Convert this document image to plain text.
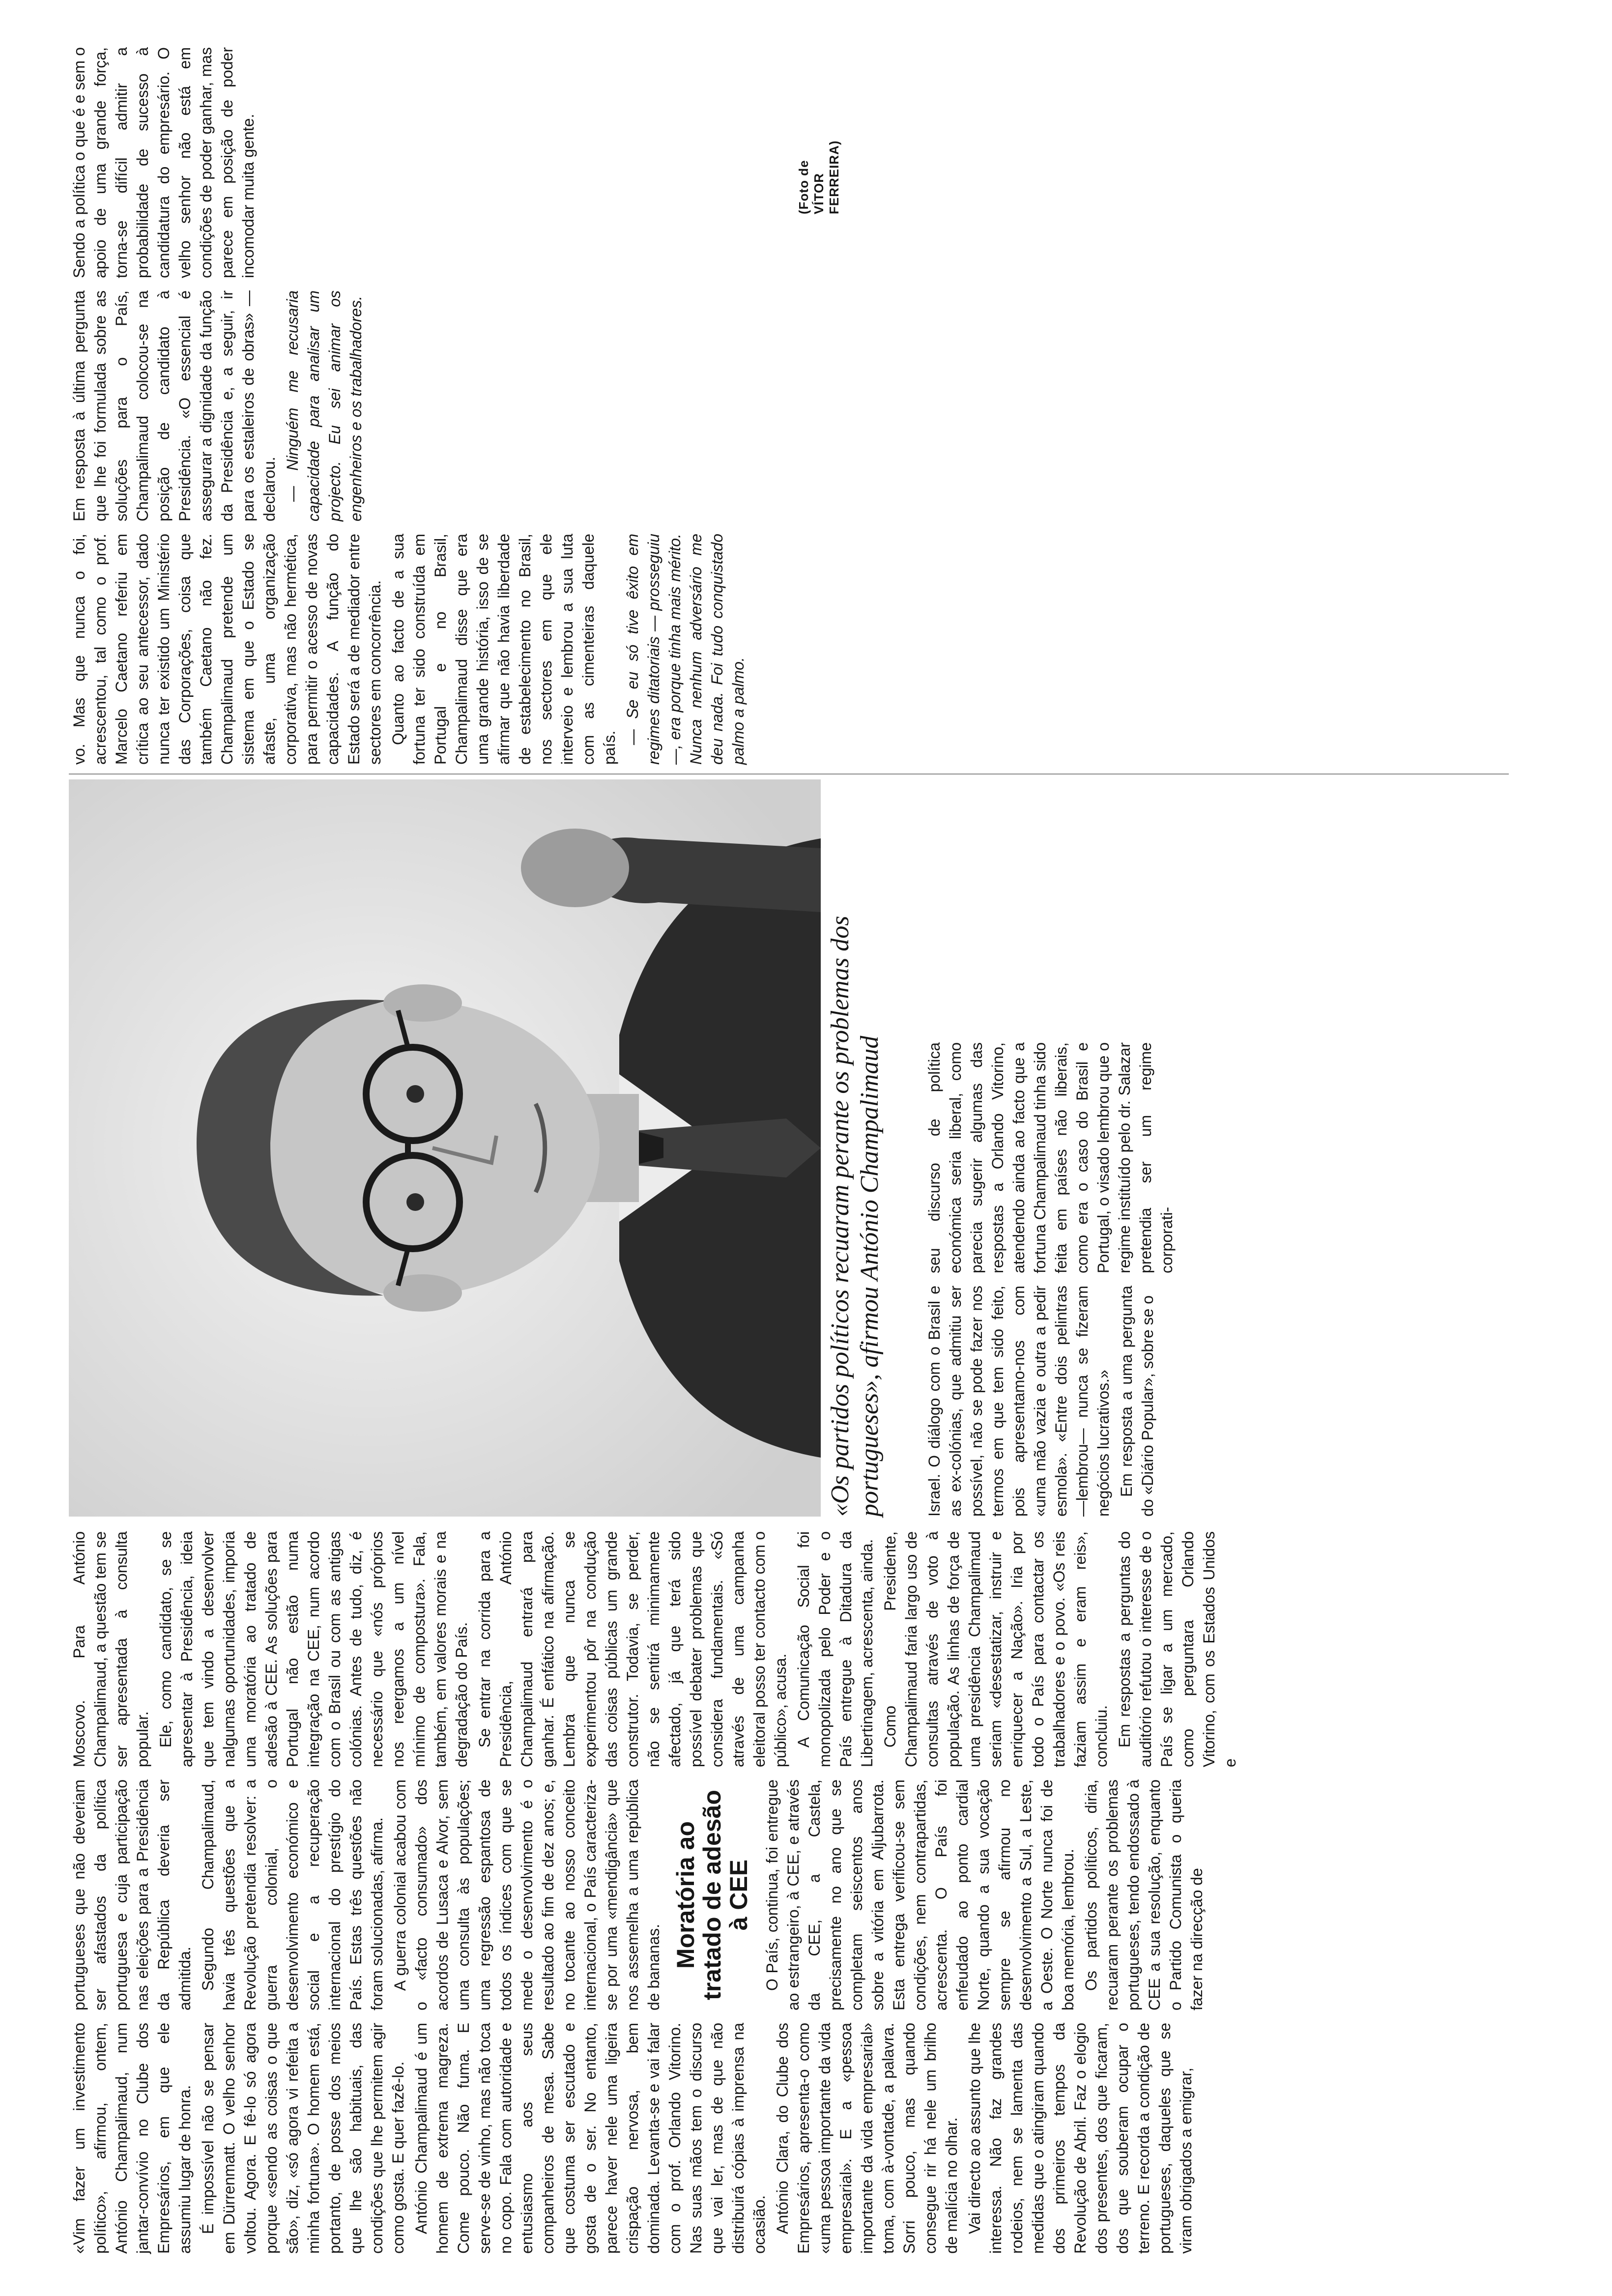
«Vim fazer um investimento político», afirmou, ontem, António Champalimaud, num jantar-convívio no Clube dos Empresários, em que ele assumiu lugar de honra. É impossível não se pensar em Dürrenmatt. O velho senhor voltou. Agora. E fê-lo só agora porque «sendo as coisas o que são», diz, «só agora vi refeita a minha fortuna». O homem está, portanto, de posse dos meios que lhe são habituais, das condições que lhe permitem agir como gosta. E quer fazê-lo. António Champalimaud é um homem de extrema magreza. Come pouco. Não fuma. E serve-se de vinho, mas não toca no copo. Fala com autoridade e entusiasmo aos seus companheiros de mesa. Sabe que costuma ser escutado e gosta de o ser. No entanto, parece haver nele uma ligeira crispação nervosa, bem dominada. Levanta-se e vai falar com o prof. Orlando Vitorino. Nas suas mãos tem o discurso que vai ler, mas de que não distribuirá cópias à imprensa na ocasião. António Clara, do Clube dos Empresários, apresenta-o como «uma pessoa importante da vida empresarial». E a «pessoa importante da vida empresarial» toma, com à-vontade, a palavra. Sorri pouco, mas quando consegue rir há nele um brilho de malícia no olhar. Vai directo ao assunto que lhe interessa. Não faz grandes rodeios, nem se lamenta das medidas que o atingiram quando dos primeiros tempos da Revolução de Abril. Faz o elogio dos presentes, dos que ficaram, dos que souberam ocupar o terreno. E recorda a condição de portugueses, daqueles que se viram obrigados a emigrar,

portugueses que não deveriam ser afastados da política portuguesa e cuja participação nas eleições para a Presidência da República deveria ser admitida. Segundo Champalimaud, havia três questões que a Revolução pretendia resolver: a guerra colonial, o desenvolvimento económico e social e a recuperação internacional do prestígio do País. Estas três questões não foram solucionadas, afirma. A guerra colonial acabou com o «facto consumado» dos acordos de Lusaca e Alvor, sem uma consulta às populações; uma regressão espantosa de todos os índices com que se mede o desenvolvimento é o resultado ao fim de dez anos; e, no tocante ao nosso conceito internacional, o País caracteriza-se por uma «mendigância» que nos assemelha a uma república de bananas. Moratória ao tratado de adesão à CEE O País, continua, foi entregue ao estrangeiro, à CEE, e através da CEE, a Castela, precisamente no ano que se completam seiscentos anos sobre a vitória em Aljubarrota. Esta entrega verificou-se sem condições, nem contrapartidas, acrescenta. O País foi enfeudado ao ponto cardial Norte, quando a sua vocação sempre se afirmou no desenvolvimento a Sul, a Leste, a Oeste. O Norte nunca foi de boa memória, lembrou. Os partidos políticos, diria, recuaram perante os problemas portugueses, tendo endossado à CEE a sua resolução, enquanto o Partido Comunista o queria fazer na direcção de

Moscovo. Para António Champalimaud, a questão tem se ser apresentada à consulta popular. Ele, como candidato, se se apresentar à Presidência, ideia que tem vindo a desenvolver nalgumas oportunidades, imporia uma moratória ao tratado de adesão à CEE. As soluções para Portugal não estão numa integração na CEE, num acordo com o Brasil ou com as antigas colónias. Antes de tudo, diz, é necessário que «nós próprios nos reergamos a um nível mínimo de compostura». Fala, também, em valores morais e na degradação do País. Se entrar na corrida para a Presidência, António Champalimaud entrará para ganhar. É enfático na afirmação. Lembra que nunca se experimentou pôr na condução das coisas públicas um grande construtor. Todavia, se perder, não se sentirá minimamente afectado, já que terá sido possível debater problemas que considera fundamentais. «Só através de uma campanha eleitoral posso ter contacto com o público», acusa. A Comunicação Social foi monopolizada pelo Poder e o País entregue à Ditadura da Libertinagem, acrescenta, ainda. Como Presidente, Champalimaud faria largo uso de consultas através de voto à população. As linhas de força de uma presidência Champalimaud seriam «desestatizar, instruir e enriquecer a Nação». Iria por todo o País para contactar os trabalhadores e o povo. «Os reis faziam assim e eram reis», concluiu. Em respostas a perguntas do auditório refutou o interesse de o País se ligar a um mercado, como perguntara Orlando Vitorino, com os Estados Unidos e

(Foto de VÍTOR FERREIRA)
«Os partidos políticos recuaram perante os problemas dos portugueses», afirmou António Champalimaud	Israel. O diálogo com o Brasil e as ex-colónias, que admitiu ser possível, não se pode fazer nos termos em que tem sido feito, pois apresentamo-nos com «uma mão vazia e outra a pedir esmola». «Entre dois pelintras —lembrou— nunca se fizeram negócios lucrativos.» Em resposta a uma pergunta do «Diário Popular», sobre se o

seu discurso de política económica seria liberal, como parecia sugerir algumas das respostas a Orlando Vitorino, atendendo ainda ao facto que a fortuna Champalimaud tinha sido feita em países não liberais, como era o caso do Brasil e Portugal, o visado lembrou que o regime instituído pelo dr. Salazar pretendia ser um regime corporati-

vo. Mas que nunca o foi, acrescentou, tal como o prof. Marcelo Caetano referiu em crítica ao seu antecessor, dado nunca ter existido um Ministério das Corporações, coisa que também Caetano não fez. Champalimaud pretende um sistema em que o Estado se afaste, uma organização corporativa, mas não hermética, para permitir o acesso de novas capacidades. A função do Estado será a de mediador entre sectores em concorrência. Quanto ao facto de a sua fortuna ter sido construída em Portugal e no Brasil, Champalimaud disse que era uma grande história, isso de se afirmar que não havia liberdade de estabelecimento no Brasil, nos sectores em que ele interveio e lembrou a sua luta com as cimenteiras daquele país.

— Se eu só tive êxito em regimes ditatoriais — prosseguiu —, era porque tinha mais mérito. Nunca nenhum adversário me deu nada. Foi tudo conquistado palmo a palmo.

Em resposta à última pergunta que lhe foi formulada sobre as soluções para o País, Champalimaud colocou-se na posição de candidato à Presidência. «O essencial é assegurar a dignidade da função da Presidência e, a seguir, ir para os estaleiros de obras» — declarou. — Ninguém me recusaria capacidade para analisar um projecto. Eu sei animar os engenheiros e os trabalhadores.

Sendo a política o que é e sem o apoio de uma grande força, torna-se difícil admitir a probabilidade de sucesso à candidatura do empresário. O velho senhor não está em condições de poder ganhar, mas parece em posição de poder incomodar muita gente.
